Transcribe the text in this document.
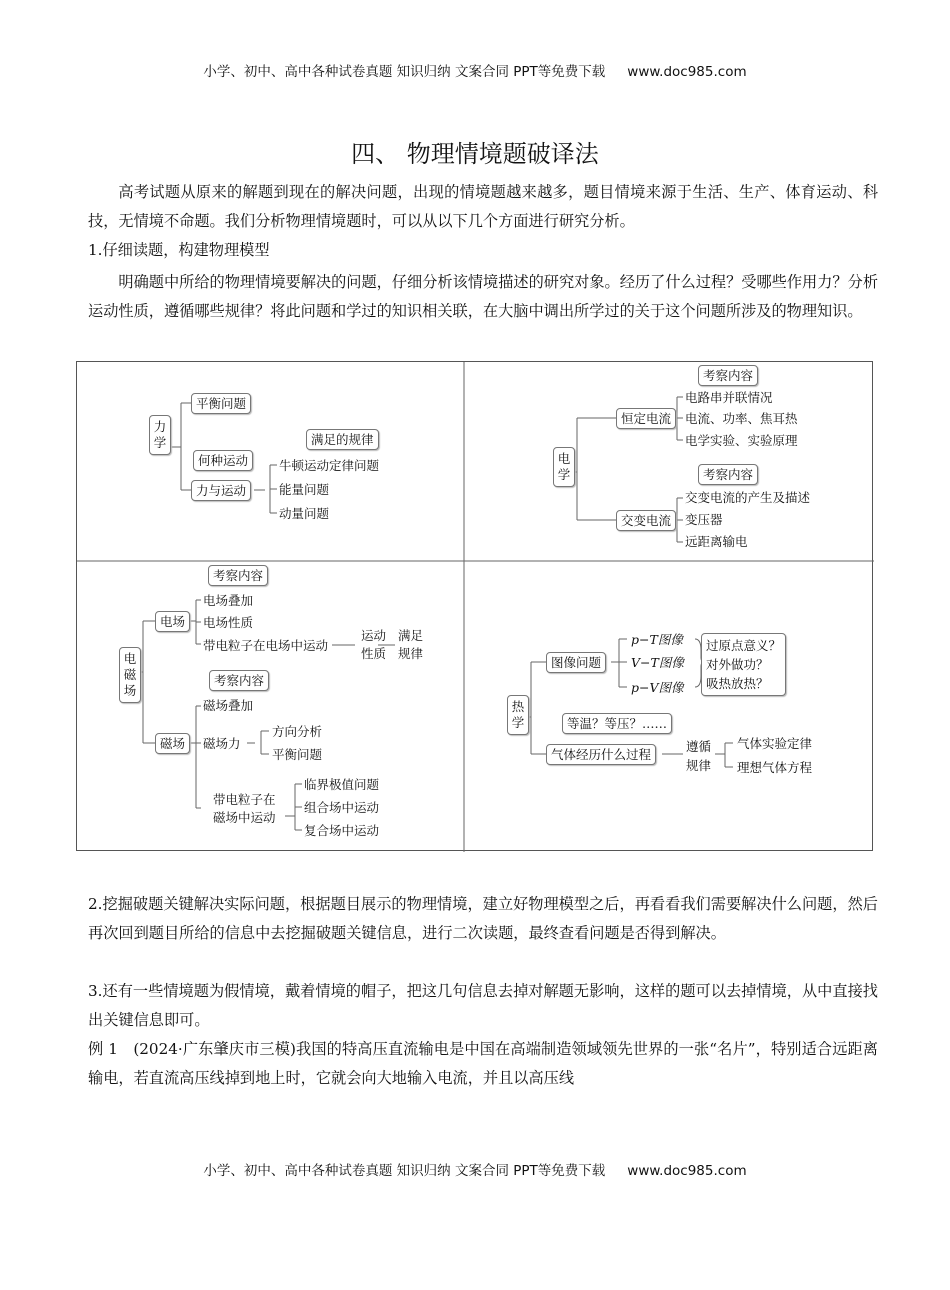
小学、初中、高中各种试卷真题 知识归纳 文案合同 PPT等免费下载 www.doc985.com
四、 物理情境题破译法
高考试题从原来的解题到现在的解决问题，出现的情境题越来越多，题目情境来源于生活、生产、体育运动、科技，无情境不命题。我们分析物理情境题时，可以从以下几个方面进行研究分析。
1.仔细读题，构建物理模型
明确题中所给的物理情境要解决的问题，仔细分析该情境描述的研究对象。经历了什么过程？受哪些作用力？分析运动性质，遵循哪些规律？将此问题和学过的知识相关联，在大脑中调出所学过的关于这个问题所涉及的物理知识。
力学
平衡问题
何种运动
力与运动
满足的规律
牛顿运动定律问题
能量问题
动量问题
电学
恒定电流
考察内容
电路串并联情况
电流、功率、焦耳热
电学实验、实验原理
交变电流
考察内容
交变电流的产生及描述
变压器
远距离输电
电磁场
电场
考察内容
电场叠加
电场性质
带电粒子在电场中运动
运动
性质
满足
规律
磁场
考察内容
磁场叠加
磁场力
方向分析
平衡问题
带电粒子在
磁场中运动
临界极值问题
组合场中运动
复合场中运动
热学
图像问题
p−T图像
V−T图像
p−V图像
过原点意义？
对外做功？
吸热放热？
等温？等压？……
气体经历什么过程
遵循
规律
气体实验定律
理想气体方程
2.挖掘破题关键解决实际问题，根据题目展示的物理情境，建立好物理模型之后，再看看我们需要解决什么问题，然后再次回到题目所给的信息中去挖掘破题关键信息，进行二次读题，最终查看问题是否得到解决。
3.还有一些情境题为假情境，戴着情境的帽子，把这几句信息去掉对解题无影响，这样的题可以去掉情境，从中直接找出关键信息即可。
例 1　(2024·广东肇庆市三模)我国的特高压直流输电是中国在高端制造领域领先世界的一张“名片”，特别适合远距离输电，若直流高压线掉到地上时，它就会向大地输入电流，并且以高压线
小学、初中、高中各种试卷真题 知识归纳 文案合同 PPT等免费下载 www.doc985.com
